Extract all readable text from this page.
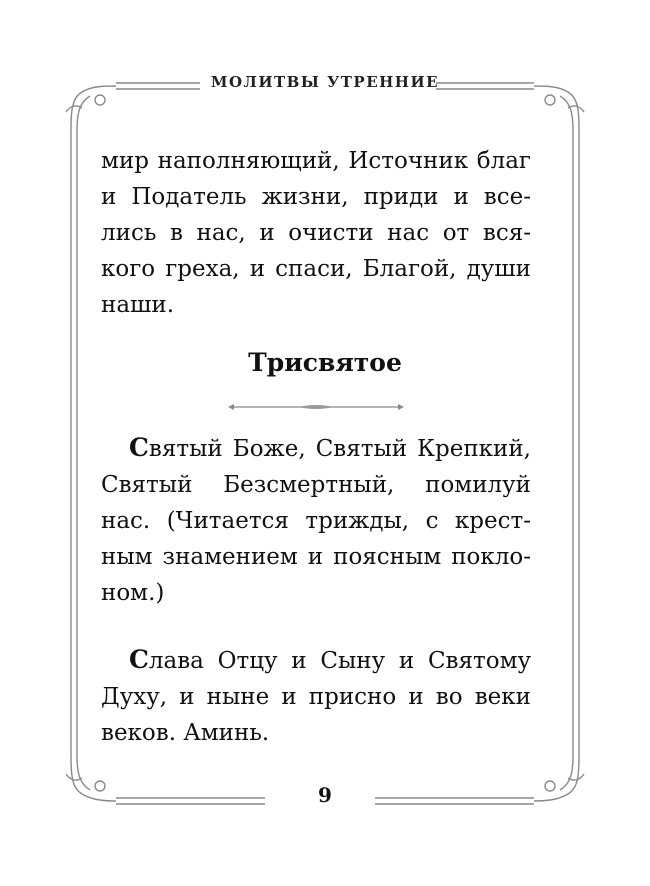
МОЛИТВЫ УТРЕННИЕ
мир наполняющий, Источник благ
и Податель жизни, приди и все-
лись в нас, и очисти нас от вся-
кого греха, и спаси, Благой, души
наши.
Трисвятое
Святый Боже, Святый Крепкий,
Святый Безсмертный, помилуй
нас. (Читается трижды, с крест-
ным знамением и поясным покло-
ном.)
Слава Отцу и Сыну и Святому
Духу, и ныне и присно и во веки
веков. Аминь.
9
